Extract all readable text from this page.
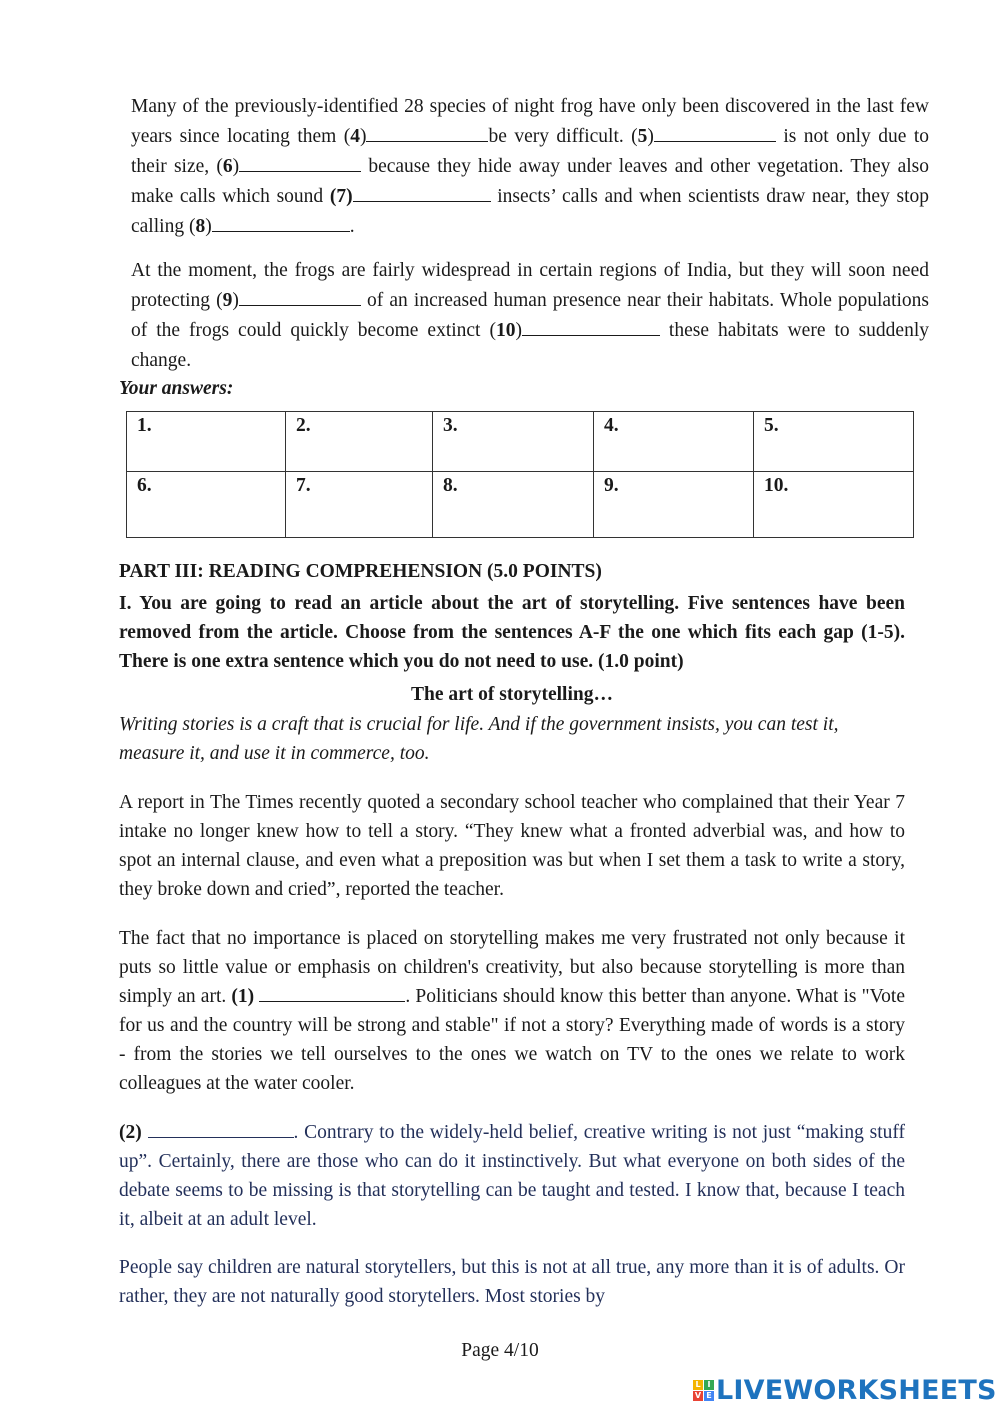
Many of the previously-identified 28 species of night frog have only been discovered in the last few years since locating them (4)	be very difficult. (5)	is not only due to their size, (6)	because they hide away under leaves and other vegetation. They also make calls which sound (7)	insects’ calls and when scientists draw near, they stop calling (8)	.
At the moment, the frogs are fairly widespread in certain regions of India, but they will soon need protecting (9)	of an increased human presence near their habitats. Whole populations of the frogs could quickly become extinct (10)	these habitats were to suddenly change.
Your answers:
1.	2.	3.	4.	5.
6.	7.	8.	9.	10.
PART III: READING COMPREHENSION (5.0 POINTS)
I. You are going to read an article about the art of storytelling. Five sentences have been removed from the article. Choose from the sentences A-F the one which fits each gap (1-5). There is one extra sentence which you do not need to use. (1.0 point)
The art of storytelling…
Writing stories is a craft that is crucial for life. And if the government insists, you can test it, measure it, and use it in commerce, too.
A report in The Times recently quoted a secondary school teacher who complained that their Year 7 intake no longer knew how to tell a story. “They knew what a fronted adverbial was, and how to spot an internal clause, and even what a preposition was but when I set them a task to write a story, they broke down and cried”, reported the teacher.
The fact that no importance is placed on storytelling makes me very frustrated not only because it puts so little value or emphasis on children's creativity, but also because storytelling is more than simply an art. (1)	. Politicians should know this better than anyone. What is "Vote for us and the country will be strong and stable" if not a story? Everything made of words is a story - from the stories we tell ourselves to the ones we watch on TV to the ones we relate to work colleagues at the water cooler.
(2)	. Contrary to the widely-held belief, creative writing is not just “making stuff up”. Certainly, there are those who can do it instinctively. But what everyone on both sides of the debate seems to be missing is that storytelling can be taught and tested. I know that, because I teach it, albeit at an adult level.
People say children are natural storytellers, but this is not at all true, any more than it is of adults. Or rather, they are not naturally good storytellers. Most stories by
Page 4/10
L I
V E LIVEWORKSHEETS
